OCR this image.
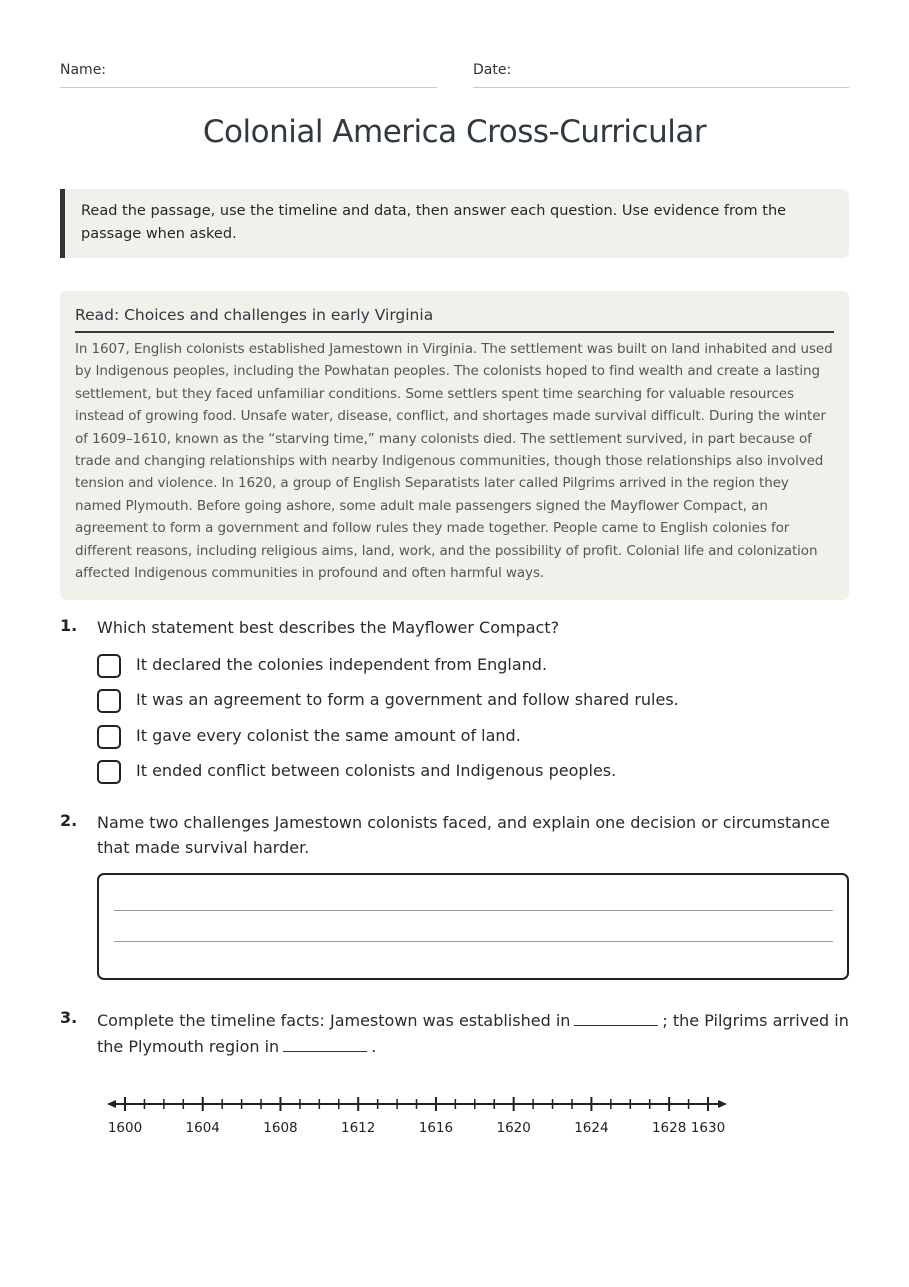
Name:	Date:
Colonial America Cross-Curricular
Read the passage, use the timeline and data, then answer each question. Use evidence from the passage when asked.
Read: Choices and challenges in early Virginia
In 1607, English colonists established Jamestown in Virginia. The settlement was built on land inhabited and used by Indigenous peoples, including the Powhatan peoples. The colonists hoped to find wealth and create a lasting settlement, but they faced unfamiliar conditions. Some settlers spent time searching for valuable resources instead of growing food. Unsafe water, disease, conflict, and shortages made survival difficult. During the winter of 1609–1610, known as the “starving time,” many colonists died. The settlement survived, in part because of trade and changing relationships with nearby Indigenous communities, though those relationships also involved tension and violence. In 1620, a group of English Separatists later called Pilgrims arrived in the region they named Plymouth. Before going ashore, some adult male passengers signed the Mayflower Compact, an agreement to form a government and follow rules they made together. People came to English colonies for different reasons, including religious aims, land, work, and the possibility of profit. Colonial life and colonization affected Indigenous communities in profound and often harmful ways.
1. Which statement best describes the Mayflower Compact?
It declared the colonies independent from England.
It was an agreement to form a government and follow shared rules.
It gave every colonist the same amount of land.
It ended conflict between colonists and Indigenous peoples.
2. Name two challenges Jamestown colonists faced, and explain one decision or circumstance that made survival harder.
3. Complete the timeline facts: Jamestown was established in	; the Pilgrims arrived in the Plymouth region in	.
1600	1604	1608	1612	1616	1620	1624	1628 1630
